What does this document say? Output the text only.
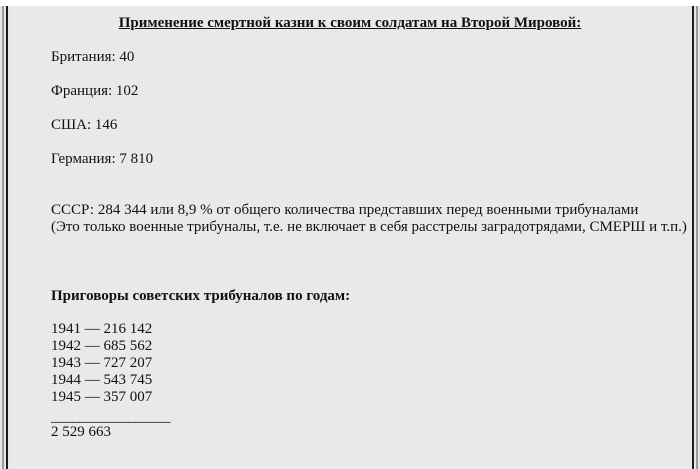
Применение смертной казни к своим солдатам на Второй Мировой:
Британия: 40
Франция: 102
США: 146
Германия: 7 810
СССР: 284 344 или 8,9 % от общего количества представших перед военными трибуналами
(Это только военные трибуналы, т.е. не включает в себя расстрелы заградотрядами, СМЕРШ и т.п.)
Приговоры советских трибуналов по годам:
1941 — 216 142
1942 — 685 562
1943 — 727 207
1944 — 543 745
1945 — 357 007
_________________
2 529 663
